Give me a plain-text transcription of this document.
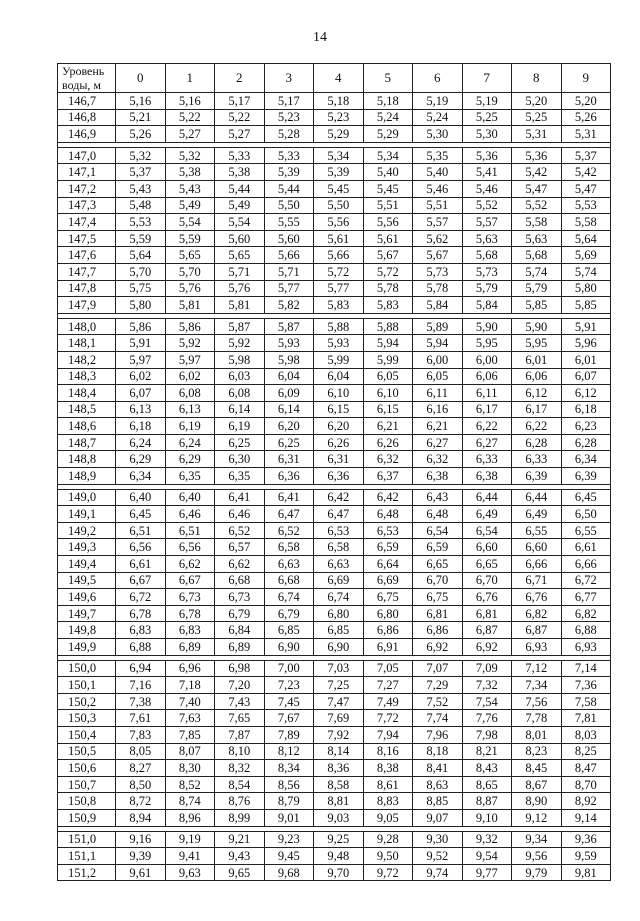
14
Уровень воды, м	0	1	2	3	4	5	6	7	8	9
146,7	5,16	5,16	5,17	5,17	5,18	5,18	5,19	5,19	5,20	5,20
146,8	5,21	5,22	5,22	5,23	5,23	5,24	5,24	5,25	5,25	5,26
146,9	5,26	5,27	5,27	5,28	5,29	5,29	5,30	5,30	5,31	5,31

147,0	5,32	5,32	5,33	5,33	5,34	5,34	5,35	5,36	5,36	5,37
147,1	5,37	5,38	5,38	5,39	5,39	5,40	5,40	5,41	5,42	5,42
147,2	5,43	5,43	5,44	5,44	5,45	5,45	5,46	5,46	5,47	5,47
147,3	5,48	5,49	5,49	5,50	5,50	5,51	5,51	5,52	5,52	5,53
147,4	5,53	5,54	5,54	5,55	5,56	5,56	5,57	5,57	5,58	5,58
147,5	5,59	5,59	5,60	5,60	5,61	5,61	5,62	5,63	5,63	5,64
147,6	5,64	5,65	5,65	5,66	5,66	5,67	5,67	5,68	5,68	5,69
147,7	5,70	5,70	5,71	5,71	5,72	5,72	5,73	5,73	5,74	5,74
147,8	5,75	5,76	5,76	5,77	5,77	5,78	5,78	5,79	5,79	5,80
147,9	5,80	5,81	5,81	5,82	5,83	5,83	5,84	5,84	5,85	5,85

148,0	5,86	5,86	5,87	5,87	5,88	5,88	5,89	5,90	5,90	5,91
148,1	5,91	5,92	5,92	5,93	5,93	5,94	5,94	5,95	5,95	5,96
148,2	5,97	5,97	5,98	5,98	5,99	5,99	6,00	6,00	6,01	6,01
148,3	6,02	6,02	6,03	6,04	6,04	6,05	6,05	6,06	6,06	6,07
148,4	6,07	6,08	6,08	6,09	6,10	6,10	6,11	6,11	6,12	6,12
148,5	6,13	6,13	6,14	6,14	6,15	6,15	6,16	6,17	6,17	6,18
148,6	6,18	6,19	6,19	6,20	6,20	6,21	6,21	6,22	6,22	6,23
148,7	6,24	6,24	6,25	6,25	6,26	6,26	6,27	6,27	6,28	6,28
148,8	6,29	6,29	6,30	6,31	6,31	6,32	6,32	6,33	6,33	6,34
148,9	6,34	6,35	6,35	6,36	6,36	6,37	6,38	6,38	6,39	6,39

149,0	6,40	6,40	6,41	6,41	6,42	6,42	6,43	6,44	6,44	6,45
149,1	6,45	6,46	6,46	6,47	6,47	6,48	6,48	6,49	6,49	6,50
149,2	6,51	6,51	6,52	6,52	6,53	6,53	6,54	6,54	6,55	6,55
149,3	6,56	6,56	6,57	6,58	6,58	6,59	6,59	6,60	6,60	6,61
149,4	6,61	6,62	6,62	6,63	6,63	6,64	6,65	6,65	6,66	6,66
149,5	6,67	6,67	6,68	6,68	6,69	6,69	6,70	6,70	6,71	6,72
149,6	6,72	6,73	6,73	6,74	6,74	6,75	6,75	6,76	6,76	6,77
149,7	6,78	6,78	6,79	6,79	6,80	6,80	6,81	6,81	6,82	6,82
149,8	6,83	6,83	6,84	6,85	6,85	6,86	6,86	6,87	6,87	6,88
149,9	6,88	6,89	6,89	6,90	6,90	6,91	6,92	6,92	6,93	6,93

150,0	6,94	6,96	6,98	7,00	7,03	7,05	7,07	7,09	7,12	7,14
150,1	7,16	7,18	7,20	7,23	7,25	7,27	7,29	7,32	7,34	7,36
150,2	7,38	7,40	7,43	7,45	7,47	7,49	7,52	7,54	7,56	7,58
150,3	7,61	7,63	7,65	7,67	7,69	7,72	7,74	7,76	7,78	7,81
150,4	7,83	7,85	7,87	7,89	7,92	7,94	7,96	7,98	8,01	8,03
150,5	8,05	8,07	8,10	8,12	8,14	8,16	8,18	8,21	8,23	8,25
150,6	8,27	8,30	8,32	8,34	8,36	8,38	8,41	8,43	8,45	8,47
150,7	8,50	8,52	8,54	8,56	8,58	8,61	8,63	8,65	8,67	8,70
150,8	8,72	8,74	8,76	8,79	8,81	8,83	8,85	8,87	8,90	8,92
150,9	8,94	8,96	8,99	9,01	9,03	9,05	9,07	9,10	9,12	9,14

151,0	9,16	9,19	9,21	9,23	9,25	9,28	9,30	9,32	9,34	9,36
151,1	9,39	9,41	9,43	9,45	9,48	9,50	9,52	9,54	9,56	9,59
151,2	9,61	9,63	9,65	9,68	9,70	9,72	9,74	9,77	9,79	9,81
